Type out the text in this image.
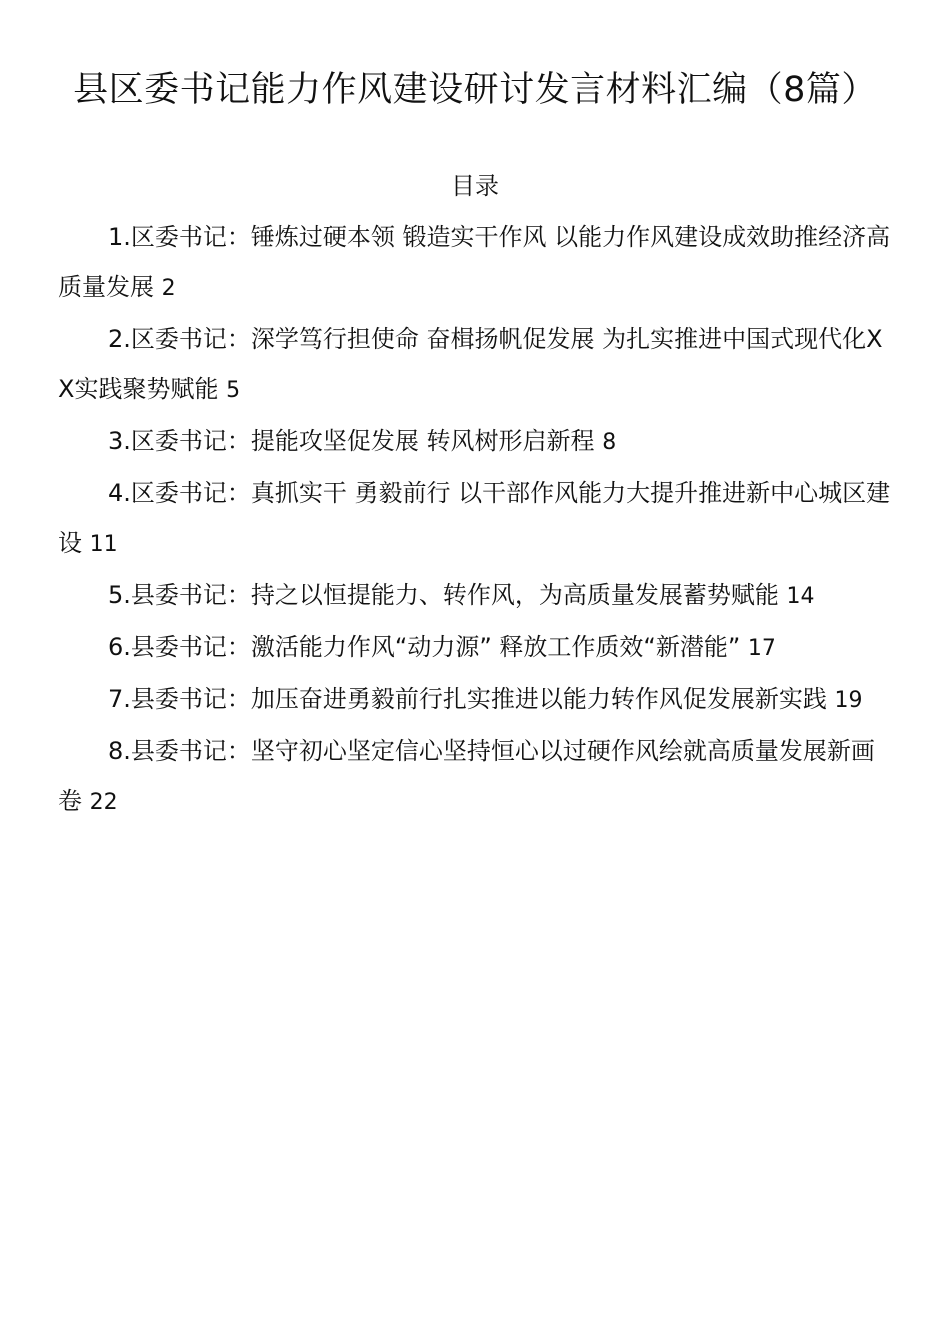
县区委书记能力作风建设研讨发言材料汇编（8篇）
目录

1.区委书记：锤炼过硬本领 锻造实干作风 以能力作风建设成效助推经济高质量发展 2

2.区委书记：深学笃行担使命 奋楫扬帆促发展 为扎实推进中国式现代化XX实践聚势赋能 5

3.区委书记：提能攻坚促发展 转风树形启新程 8

4.区委书记：真抓实干 勇毅前行 以干部作风能力大提升推进新中心城区建设 11

5.县委书记：持之以恒提能力、转作风，为高质量发展蓄势赋能 14

6.县委书记：激活能力作风“动力源” 释放工作质效“新潜能” 17

7.县委书记：加压奋进勇毅前行扎实推进以能力转作风促发展新实践 19

8.县委书记：坚守初心坚定信心坚持恒心以过硬作风绘就高质量发展新画卷 22
